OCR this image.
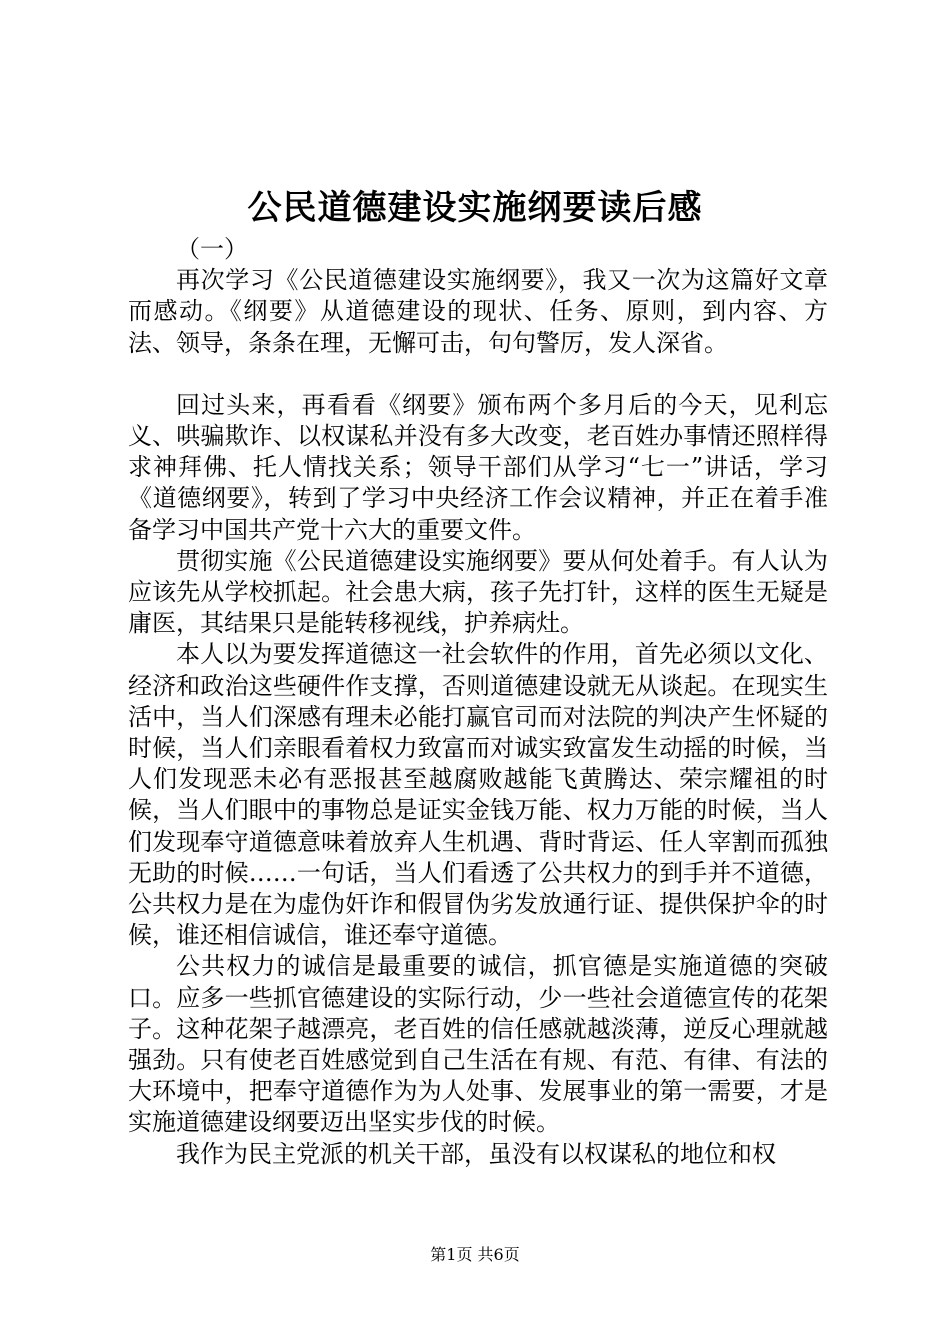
公民道德建设实施纲要读后感

（一）

再次学习《公民道德建设实施纲要》，我又一次为这篇好文章而感动。《纲要》从道德建设的现状、任务、原则，到内容、方法、领导，条条在理，无懈可击，句句警厉，发人深省。

回过头来，再看看《纲要》颁布两个多月后的今天，见利忘义、哄骗欺诈、以权谋私并没有多大改变，老百姓办事情还照样得求神拜佛、托人情找关系；领导干部们从学习“七一”讲话，学习《道德纲要》，转到了学习中央经济工作会议精神，并正在着手准备学习中国共产党十六大的重要文件。

贯彻实施《公民道德建设实施纲要》要从何处着手。有人认为应该先从学校抓起。社会患大病，孩子先打针，这样的医生无疑是庸医，其结果只是能转移视线，护养病灶。

本人以为要发挥道德这一社会软件的作用，首先必须以文化、经济和政治这些硬件作支撑，否则道德建设就无从谈起。在现实生活中，当人们深感有理未必能打赢官司而对法院的判决产生怀疑的时候，当人们亲眼看着权力致富而对诚实致富发生动摇的时候，当人们发现恶未必有恶报甚至越腐败越能飞黄腾达、荣宗耀祖的时候，当人们眼中的事物总是证实金钱万能、权力万能的时候，当人们发现奉守道德意味着放弃人生机遇、背时背运、任人宰割而孤独无助的时候……一句话，当人们看透了公共权力的到手并不道德，公共权力是在为虚伪奸诈和假冒伪劣发放通行证、提供保护伞的时候，谁还相信诚信，谁还奉守道德。

公共权力的诚信是最重要的诚信，抓官德是实施道德的突破口。应多一些抓官德建设的实际行动，少一些社会道德宣传的花架子。这种花架子越漂亮，老百姓的信任感就越淡薄，逆反心理就越强劲。只有使老百姓感觉到自己生活在有规、有范、有律、有法的大环境中，把奉守道德作为为人处事、发展事业的第一需要，才是实施道德建设纲要迈出坚实步伐的时候。

我作为民主党派的机关干部，虽没有以权谋私的地位和权

第1页 共6页
